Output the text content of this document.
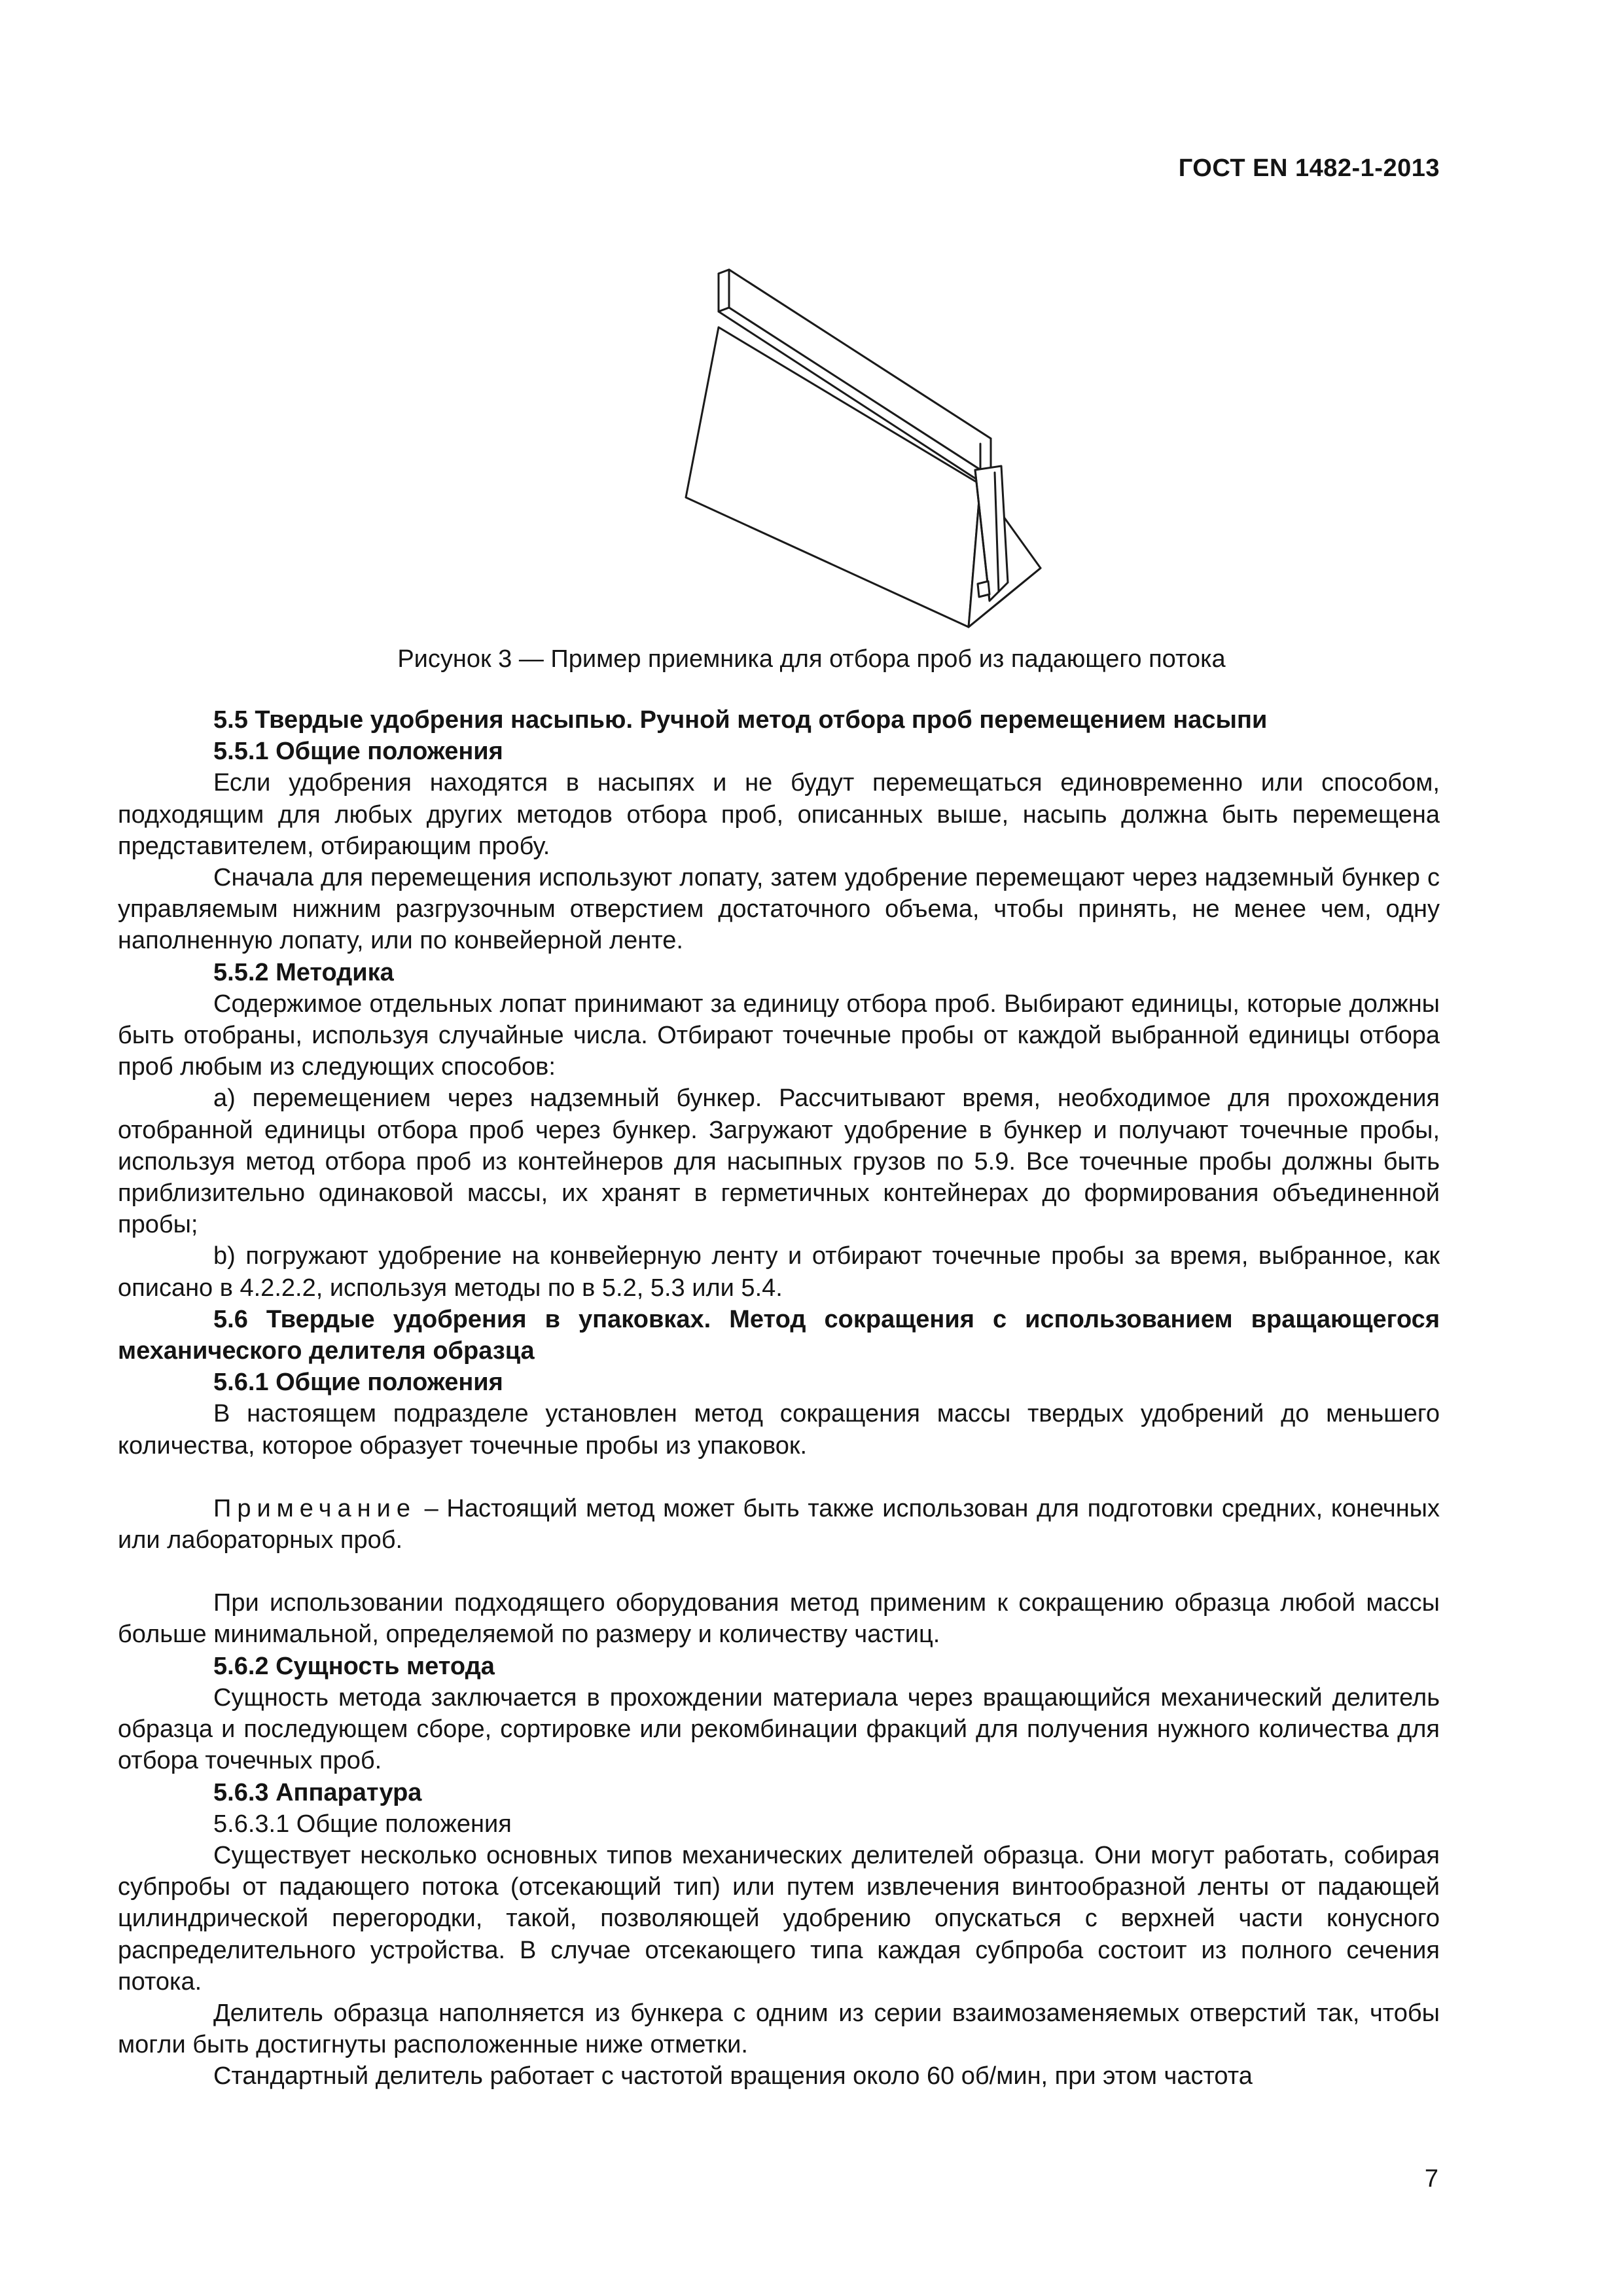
ГОСТ EN 1482-1-2013
Рисунок 3 — Пример приемника для отбора проб из падающего потока

5.5 Твердые удобрения насыпью. Ручной метод отбора проб перемещением насыпи

5.5.1 Общие положения

Если удобрения находятся в насыпях и не будут перемещаться единовременно или способом, подходящим для любых других методов отбора проб, описанных выше, насыпь должна быть перемещена представителем, отбирающим пробу.

Сначала для перемещения используют лопату, затем удобрение перемещают через надземный бункер с управляемым нижним разгрузочным отверстием достаточного объема, чтобы принять, не менее чем, одну наполненную лопату, или по конвейерной ленте.

5.5.2 Методика

Содержимое отдельных лопат принимают за единицу отбора проб. Выбирают единицы, которые должны быть отобраны, используя случайные числа. Отбирают точечные пробы от каждой выбранной единицы отбора проб любым из следующих способов:

a) перемещением через надземный бункер. Рассчитывают время, необходимое для прохождения отобранной единицы отбора проб через бункер. Загружают удобрение в бункер и получают точечные пробы, используя метод отбора проб из контейнеров для насыпных грузов по 5.9. Все точечные пробы должны быть приблизительно одинаковой массы, их хранят в герметичных контейнерах до формирования объединенной пробы;

b) погружают удобрение на конвейерную ленту и отбирают точечные пробы за время, выбранное, как описано в 4.2.2.2, используя методы по в 5.2, 5.3 или 5.4.

5.6 Твердые удобрения в упаковках. Метод сокращения с использованием вращающегося механического делителя образца

5.6.1 Общие положения

В настоящем подразделе установлен метод сокращения массы твердых удобрений до меньшего количества, которое образует точечные пробы из упаковок.

Примечание – Настоящий метод может быть также использован для подготовки средних, конечных или лабораторных проб.

При использовании подходящего оборудования метод применим к сокращению образца любой массы больше минимальной, определяемой по размеру и количеству частиц.

5.6.2 Сущность метода

Сущность метода заключается в прохождении материала через вращающийся механический делитель образца и последующем сборе, сортировке или рекомбинации фракций для получения нужного количества для отбора точечных проб.

5.6.3 Аппаратура

5.6.3.1 Общие положения

Существует несколько основных типов механических делителей образца. Они могут работать, собирая субпробы от падающего потока (отсекающий тип) или путем извлечения винтообразной ленты от падающей цилиндрической перегородки, такой, позволяющей удобрению опускаться с верхней части конусного распределительного устройства. В случае отсекающего типа каждая субпроба состоит из полного сечения потока.

Делитель образца наполняется из бункера с одним из серии взаимозаменяемых отверстий так, чтобы могли быть достигнуты расположенные ниже отметки.

Стандартный делитель работает с частотой вращения около 60 об/мин, при этом частота

7
